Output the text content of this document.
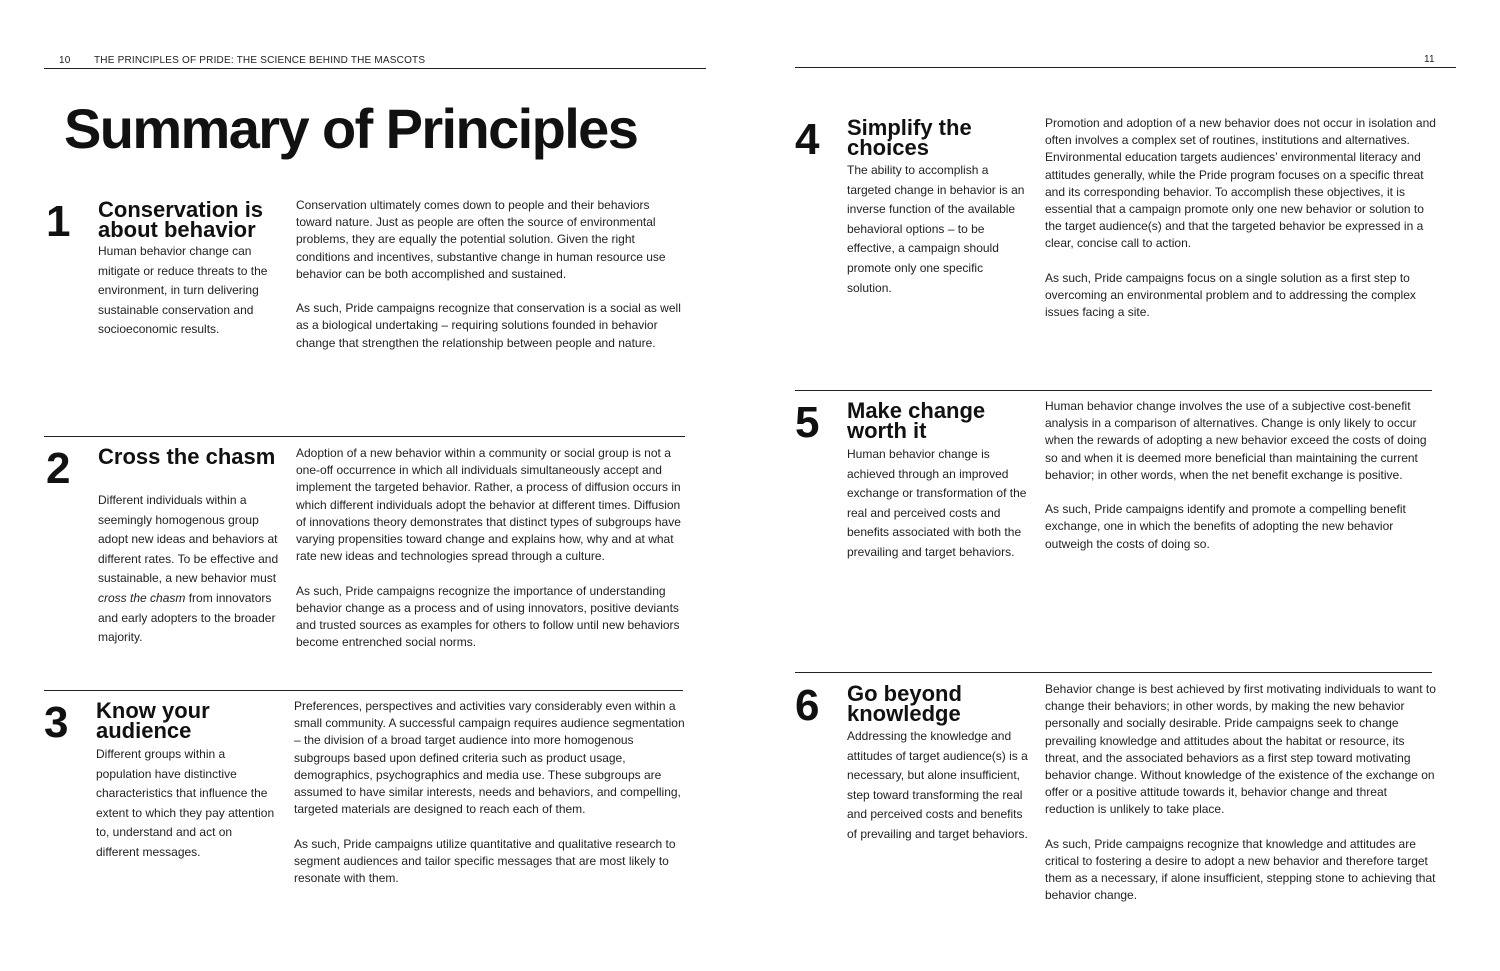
10 THE PRINCIPLES OF PRIDE: THE SCIENCE BEHIND THE MASCOTS	11
Summary of Principles
1 Conservation is about behavior
Human behavior change can mitigate or reduce threats to the environment, in turn delivering sustainable conservation and socioeconomic results.

Conservation ultimately comes down to people and their behaviors toward nature. Just as people are often the source of environmental problems, they are equally the potential solution. Given the right conditions and incentives, substantive change in human resource use behavior can be both accomplished and sustained.

As such, Pride campaigns recognize that conservation is a social as well as a biological undertaking – requiring solutions founded in behavior change that strengthen the relationship between people and nature.

2 Cross the chasm
Different individuals within a seemingly homogenous group adopt new ideas and behaviors at different rates. To be effective and sustainable, a new behavior must cross the chasm from innovators and early adopters to the broader majority.

Adoption of a new behavior within a community or social group is not a one-off occurrence in which all individuals simultaneously accept and implement the targeted behavior. Rather, a process of diffusion occurs in which different individuals adopt the behavior at different times. Diffusion of innovations theory demonstrates that distinct types of subgroups have varying propensities toward change and explains how, why and at what rate new ideas and technologies spread through a culture.

As such, Pride campaigns recognize the importance of understanding behavior change as a process and of using innovators, positive deviants and trusted sources as examples for others to follow until new behaviors become entrenched social norms.

3 Know your audience
Different groups within a population have distinctive characteristics that influence the extent to which they pay attention to, understand and act on different messages.

Preferences, perspectives and activities vary considerably even within a small community. A successful campaign requires audience segmentation – the division of a broad target audience into more homogenous subgroups based upon defined criteria such as product usage, demographics, psychographics and media use. These subgroups are assumed to have similar interests, needs and behaviors, and compelling, targeted materials are designed to reach each of them.

As such, Pride campaigns utilize quantitative and qualitative research to segment audiences and tailor specific messages that are most likely to resonate with them.

4 Simplify the choices
The ability to accomplish a targeted change in behavior is an inverse function of the available behavioral options – to be effective, a campaign should promote only one specific solution.

Promotion and adoption of a new behavior does not occur in isolation and often involves a complex set of routines, institutions and alternatives. Environmental education targets audiences’ environmental literacy and attitudes generally, while the Pride program focuses on a specific threat and its corresponding behavior. To accomplish these objectives, it is essential that a campaign promote only one new behavior or solution to the target audience(s) and that the targeted behavior be expressed in a clear, concise call to action.

As such, Pride campaigns focus on a single solution as a first step to overcoming an environmental problem and to addressing the complex issues facing a site.

5 Make change worth it
Human behavior change is achieved through an improved exchange or transformation of the real and perceived costs and benefits associated with both the prevailing and target behaviors.

Human behavior change involves the use of a subjective cost-benefit analysis in a comparison of alternatives. Change is only likely to occur when the rewards of adopting a new behavior exceed the costs of doing so and when it is deemed more beneficial than maintaining the current behavior; in other words, when the net benefit exchange is positive.

As such, Pride campaigns identify and promote a compelling benefit exchange, one in which the benefits of adopting the new behavior outweigh the costs of doing so.

6 Go beyond knowledge
Addressing the knowledge and attitudes of target audience(s) is a necessary, but alone insufficient, step toward transforming the real and perceived costs and benefits of prevailing and target behaviors.

Behavior change is best achieved by first motivating individuals to want to change their behaviors; in other words, by making the new behavior personally and socially desirable. Pride campaigns seek to change prevailing knowledge and attitudes about the habitat or resource, its threat, and the associated behaviors as a first step toward motivating behavior change. Without knowledge of the existence of the exchange on offer or a positive attitude towards it, behavior change and threat reduction is unlikely to take place.

As such, Pride campaigns recognize that knowledge and attitudes are critical to fostering a desire to adopt a new behavior and therefore target them as a necessary, if alone insufficient, stepping stone to achieving that behavior change.
